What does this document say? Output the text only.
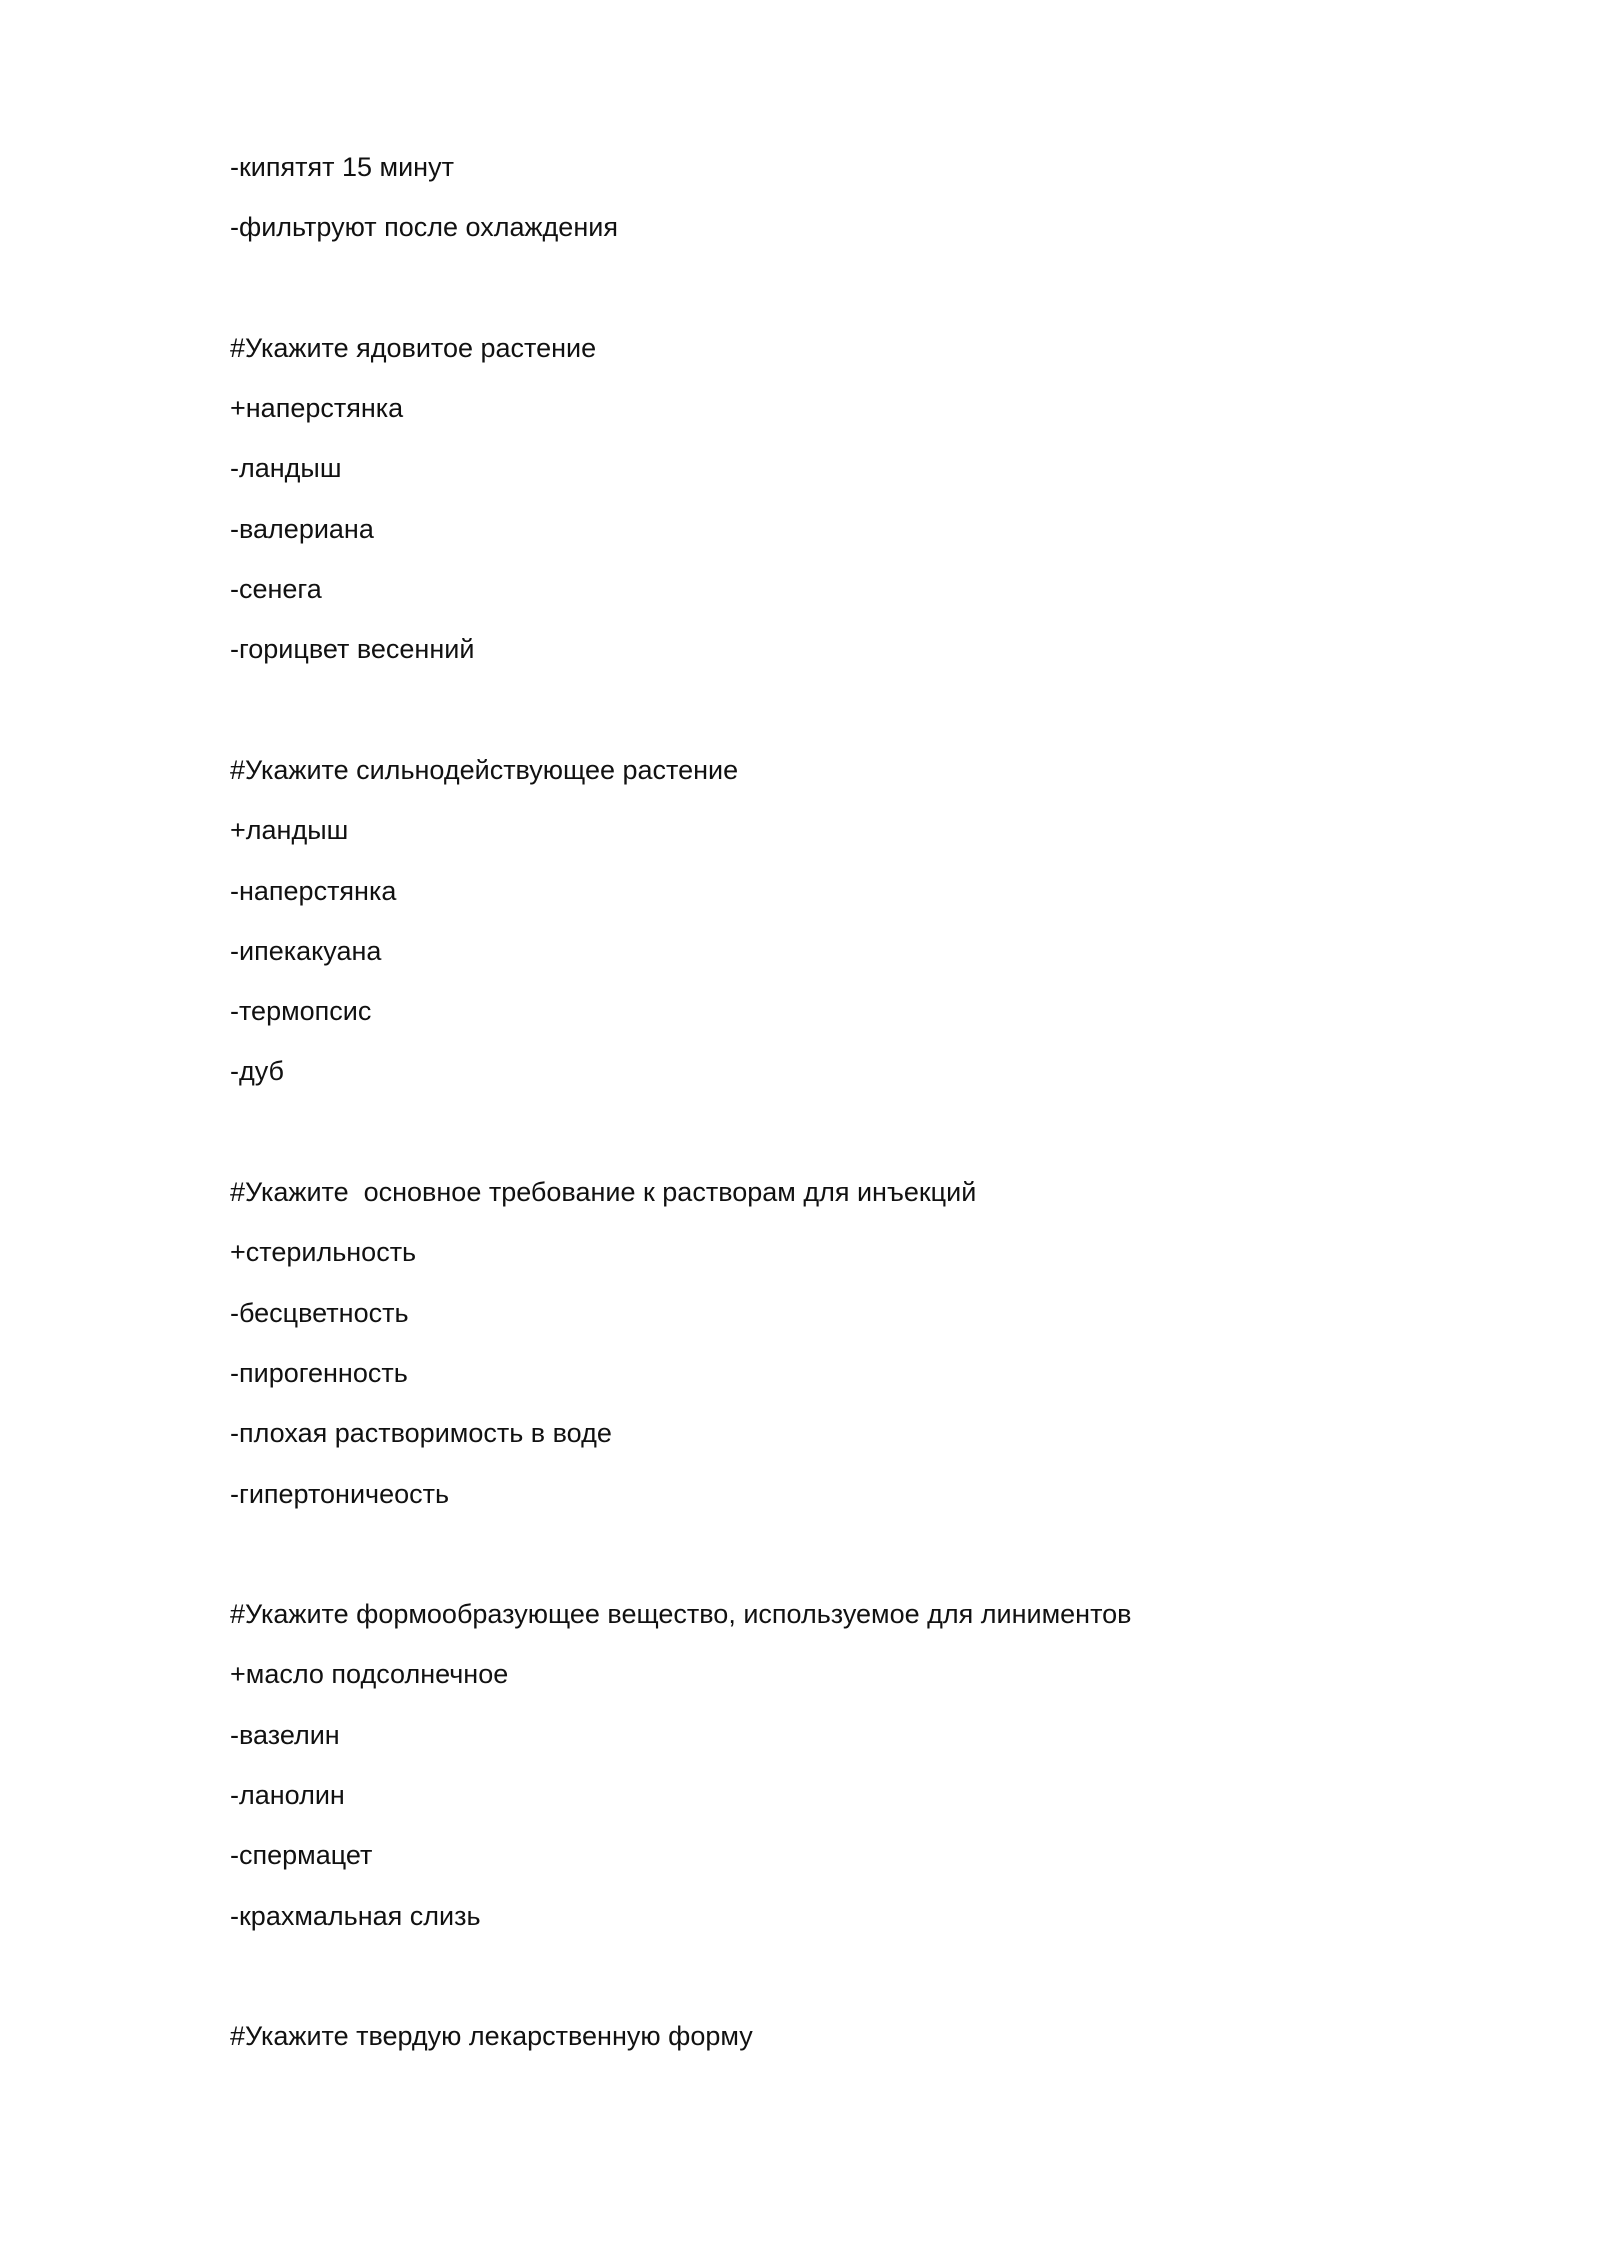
-кипятят 15 минут
-фильтруют после охлаждения
#Укажите ядовитое растение
+наперстянка
-ландыш
-валериана
-сенега
-горицвет весенний
#Укажите сильнодействующее растение
+ландыш
-наперстянка
-ипекакуана
-термопсис
-дуб
#Укажите  основное требование к растворам для инъекций
+стерильность
-бесцветность
-пирогенность
-плохая растворимость в воде
-гипертоничеость
#Укажите формообразующее вещество, используемое для линиментов
+масло подсолнечное
-вазелин
-ланолин
-спермацет
-крахмальная слизь
#Укажите твердую лекарственную форму
